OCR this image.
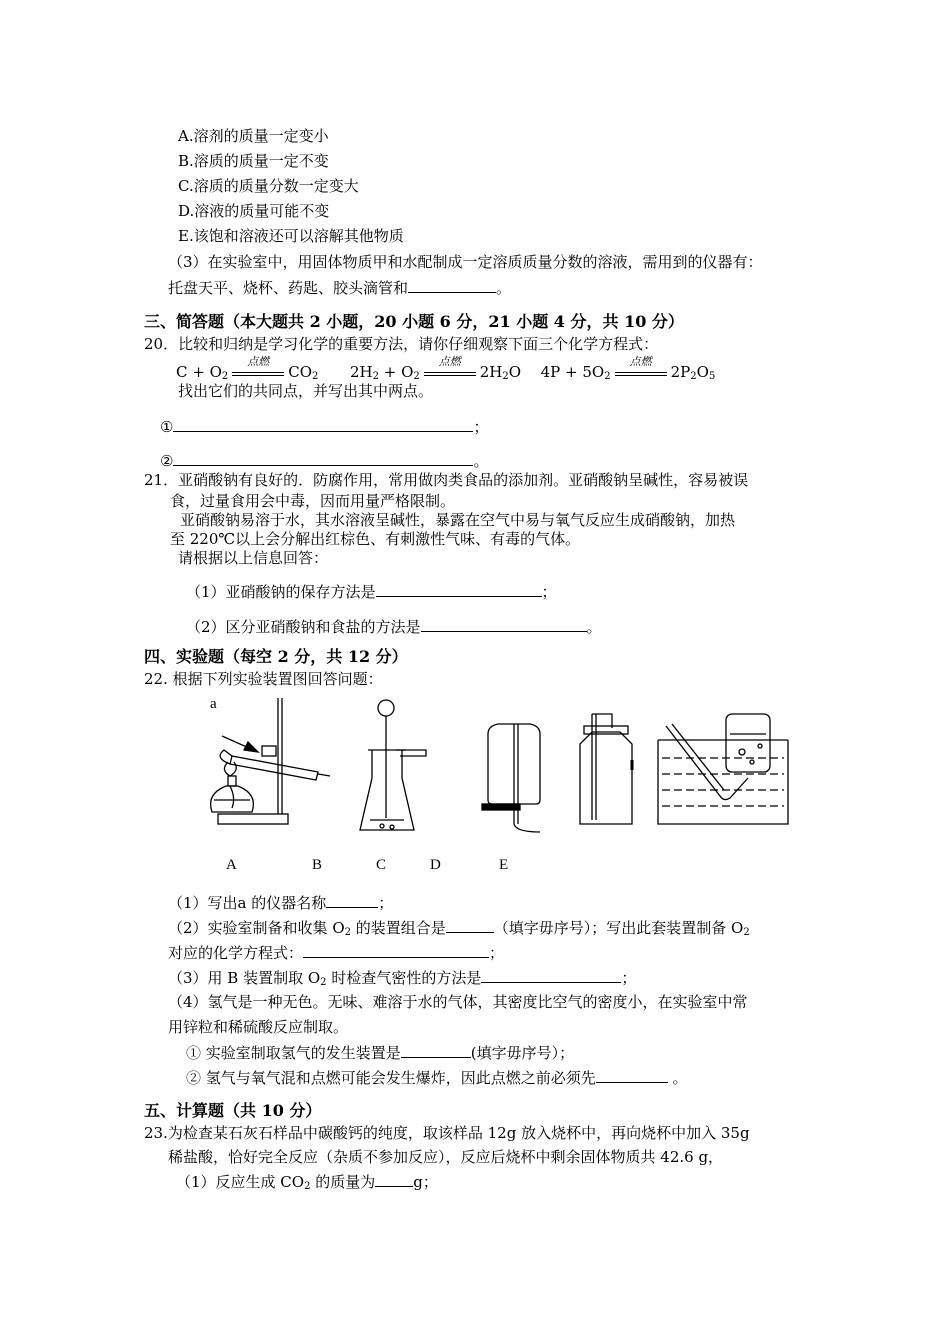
A.溶剂的质量一定变小
B.溶质的质量一定不变
C.溶质的质量分数一定变大
D.溶液的质量可能不变
E.该饱和溶液还可以溶解其他物质
（3）在实验室中，用固体物质甲和水配制成一定溶质质量分数的溶液，需用到的仪器有：
托盘天平、烧杯、药匙、胶头滴管和	。
三、简答题（本大题共 2 小题，20 小题 6 分，21 小题 4 分，共 10 分）
20．比较和归纳是学习化学的重要方法，请你仔细观察下面三个化学方程式：
$C + O_2$
点燃
$CO_2$ $2H_2 + O_2$
点燃
$2H_2O$ $4P + 5O_2$
点燃
$2P_2O_5$
找出它们的共同点，并写出其中两点。
①	；
②	。
21．亚硝酸钠有良好的．防腐作用，常用做肉类食品的添加剂。亚硝酸钠呈碱性，容易被误
食，过量食用会中毒，因而用量严格限制。
亚硝酸钠易溶于水，其水溶液呈碱性，暴露在空气中易与氧气反应生成硝酸钠，加热
至 220℃以上会分解出红棕色、有刺激性气味、有毒的气体。
请根据以上信息回答：
（1）亚硝酸钠的保存方法是	；
（2）区分亚硝酸钠和食盐的方法是	。
四、实验题（每空 2 分，共 12 分）
22. 根据下列实验装置图回答问题：
a
A	B	C	D	E
（1）写出a 的仪器名称	；
（2）实验室制备和收集 $O_2$ 的装置组合是	（填字毋序号）；写出此套装置制备 $O_2$
对应的化学方程式：	；
（3）用 B 装置制取 $O_2$ 时检查气密性的方法是	；
（4）氢气是一种无色。无味、难溶于水的气体，其密度比空气的密度小，在实验室中常
用锌粒和稀硫酸反应制取。
① 实验室制取氢气的发生装置是	(填字毋序号）；
② 氢气与氧气混和点燃可能会发生爆炸，因此点燃之前必须先	。
五、计算题（共 10 分）
23.为检查某石灰石样品中碳酸钙的纯度，取该样品 12g 放入烧杯中，再向烧杯中加入 35g
稀盐酸，恰好完全反应（杂质不参加反应），反应后烧杯中剩余固体物质共 42.6 g，
（1）反应生成 $CO_2$ 的质量为	g；
